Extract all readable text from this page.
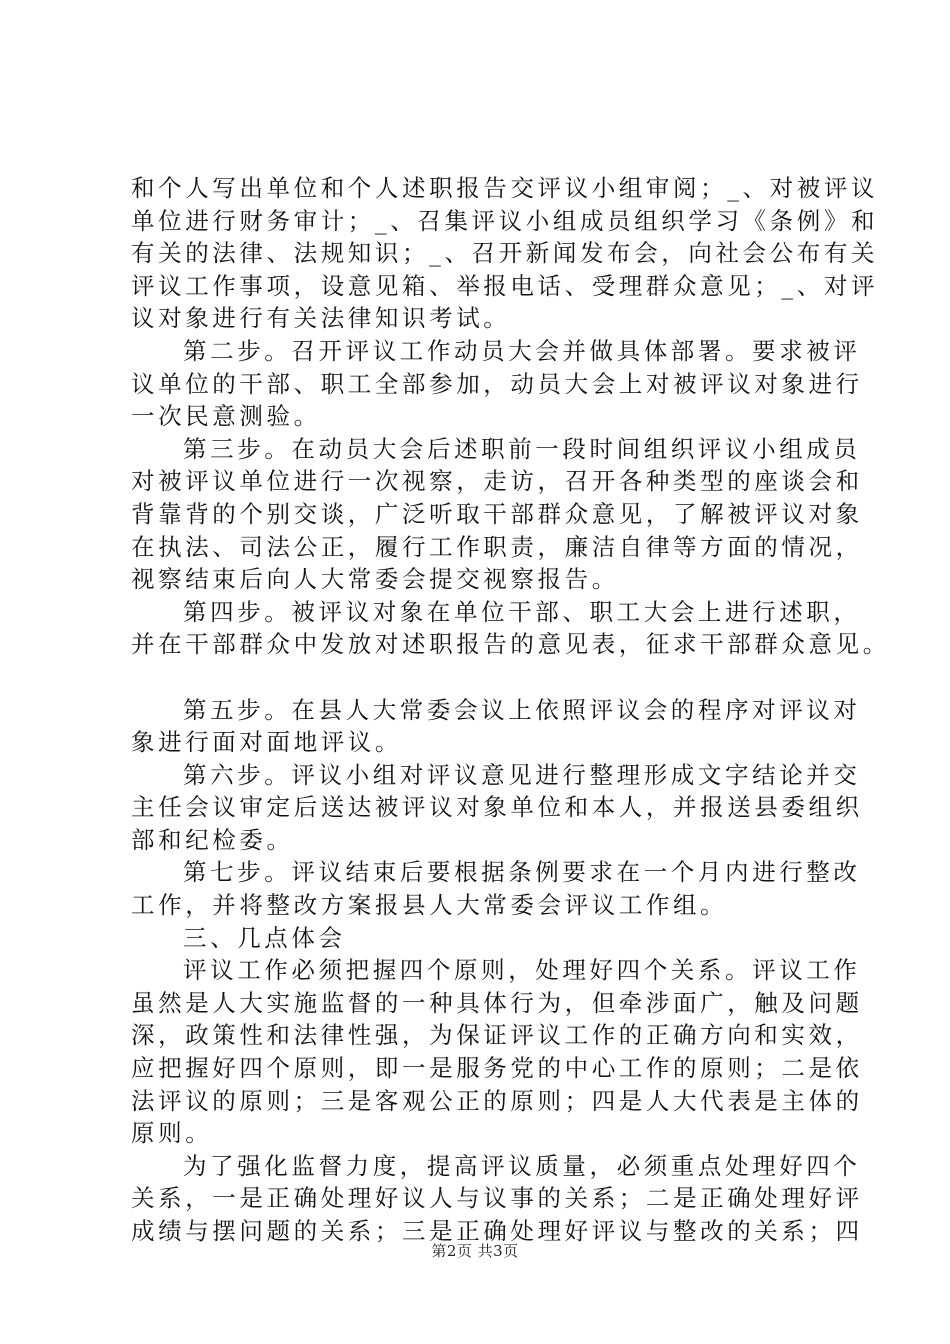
和个人写出单位和个人述职报告交评议小组审阅；_、对被评议
单位进行财务审计；_、召集评议小组成员组织学习《条例》和
有关的法律、法规知识；_、召开新闻发布会，向社会公布有关
评议工作事项，设意见箱、举报电话、受理群众意见；_、对评
议对象进行有关法律知识考试。
第二步。召开评议工作动员大会并做具体部署。要求被评
议单位的干部、职工全部参加，动员大会上对被评议对象进行
一次民意测验。
第三步。在动员大会后述职前一段时间组织评议小组成员
对被评议单位进行一次视察，走访，召开各种类型的座谈会和
背靠背的个别交谈，广泛听取干部群众意见，了解被评议对象
在执法、司法公正，履行工作职责，廉洁自律等方面的情况，
视察结束后向人大常委会提交视察报告。
第四步。被评议对象在单位干部、职工大会上进行述职，
并在干部群众中发放对述职报告的意见表，征求干部群众意见。
第五步。在县人大常委会议上依照评议会的程序对评议对
象进行面对面地评议。
第六步。评议小组对评议意见进行整理形成文字结论并交
主任会议审定后送达被评议对象单位和本人，并报送县委组织
部和纪检委。
第七步。评议结束后要根据条例要求在一个月内进行整改
工作，并将整改方案报县人大常委会评议工作组。
三、几点体会
评议工作必须把握四个原则，处理好四个关系。评议工作
虽然是人大实施监督的一种具体行为，但牵涉面广，触及问题
深，政策性和法律性强，为保证评议工作的正确方向和实效，
应把握好四个原则，即一是服务党的中心工作的原则；二是依
法评议的原则；三是客观公正的原则；四是人大代表是主体的
原则。
为了强化监督力度，提高评议质量，必须重点处理好四个
关系，一是正确处理好议人与议事的关系；二是正确处理好评
成绩与摆问题的关系；三是正确处理好评议与整改的关系；四
第2页 共3页
